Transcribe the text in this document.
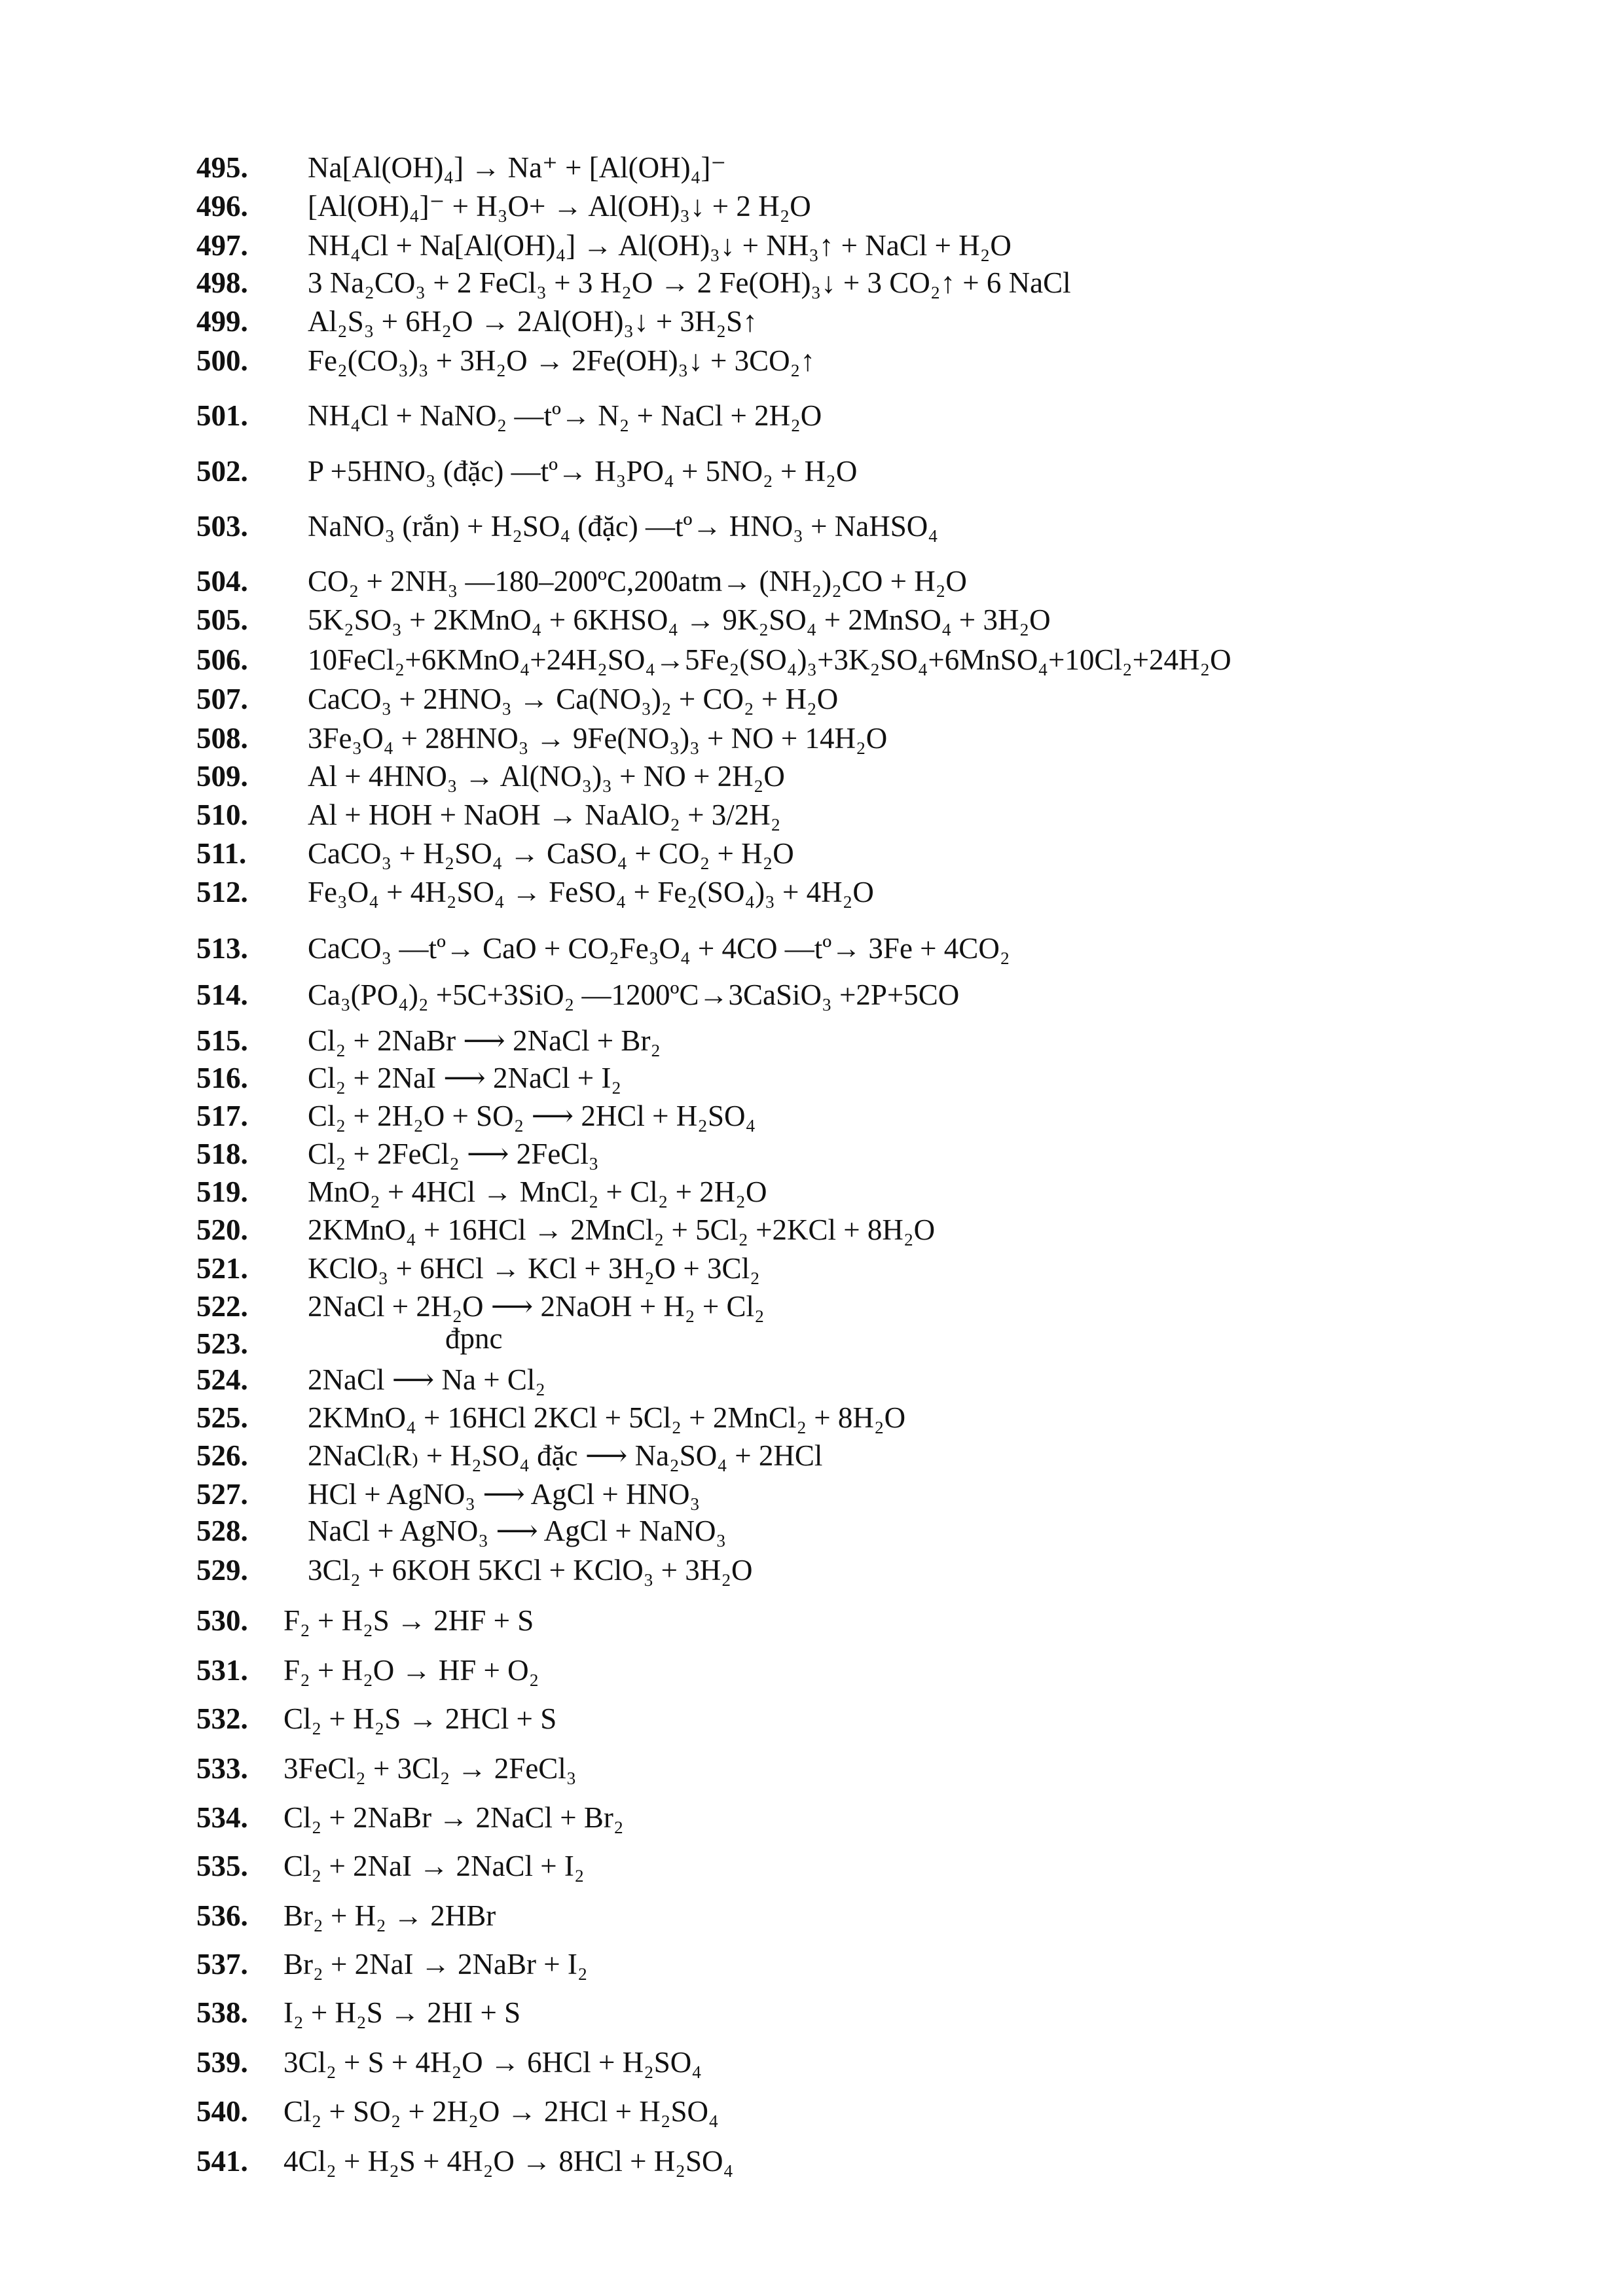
495. Na[Al(OH)₄] → Na⁺ + [Al(OH)₄]⁻
496. [Al(OH)₄]⁻ + H₃O+ → Al(OH)₃↓ + 2 H₂O
497. NH₄Cl + Na[Al(OH)₄] → Al(OH)₃↓ + NH₃↑ + NaCl + H₂O
498. 3 Na₂CO₃ + 2 FeCl₃ + 3 H₂O → 2 Fe(OH)₃↓ + 3 CO₂↑ + 6 NaCl
499. Al₂S₃ + 6H₂O → 2Al(OH)₃↓ + 3H₂S↑
500. Fe₂(CO₃)₃ + 3H₂O → 2Fe(OH)₃↓ + 3CO₂↑
501. NH₄Cl + NaNO₂ —tº→ N₂ + NaCl + 2H₂O
502. P +5HNO₃ (đặc) —tº→ H₃PO₄ + 5NO₂ + H₂O
503. NaNO₃ (rắn) + H₂SO₄ (đặc) —tº→ HNO₃ + NaHSO₄
504. CO₂ + 2NH₃ —180–200ºC,200atm→ (NH₂)₂CO + H₂O
505. 5K₂SO₃ + 2KMnO₄ + 6KHSO₄ → 9K₂SO₄ + 2MnSO₄ + 3H₂O
506. 10FeCl₂+6KMnO₄+24H₂SO₄→5Fe₂(SO₄)₃+3K₂SO₄+6MnSO₄+10Cl₂+24H₂O
507. CaCO₃ + 2HNO₃ → Ca(NO₃)₂ + CO₂ + H₂O
508. 3Fe₃O₄ + 28HNO₃ → 9Fe(NO₃)₃ + NO + 14H₂O
509. Al + 4HNO₃ → Al(NO₃)₃ + NO + 2H₂O
510. Al + HOH + NaOH → NaAlO₂ + 3/2H₂
511. CaCO₃ + H₂SO₄ → CaSO₄ + CO₂ + H₂O
512. Fe₃O₄ + 4H₂SO₄ → FeSO₄ + Fe₂(SO₄)₃ + 4H₂O
513. CaCO₃ —tº→ CaO + CO₂Fe₃O₄ + 4CO —tº→ 3Fe + 4CO₂
514. Ca₃(PO₄)₂ +5C+3SiO₂ —1200ºC→3CaSiO₃ +2P+5CO
515. Cl₂ + 2NaBr ⟶ 2NaCl + Br₂
516. Cl₂ + 2NaI ⟶ 2NaCl + I₂
517. Cl₂ + 2H₂O + SO₂ ⟶ 2HCl + H₂SO₄
518. Cl₂ + 2FeCl₂ ⟶ 2FeCl₃
519. MnO₂ + 4HCl → MnCl₂ + Cl₂ + 2H₂O
520. 2KMnO₄ + 16HCl → 2MnCl₂ + 5Cl₂ +2KCl + 8H₂O
521. KClO₃ + 6HCl → KCl + 3H₂O + 3Cl₂
522. 2NaCl + 2H₂O ⟶ 2NaOH + H₂ + Cl₂
523.	đpnc
524. 2NaCl ⟶ Na + Cl₂
525. 2KMnO₄ + 16HCl 2KCl + 5Cl₂ + 2MnCl₂ + 8H₂O
526. 2NaCl₍R₎ + H₂SO₄ đặc ⟶ Na₂SO₄ + 2HCl
527. HCl + AgNO₃ ⟶ AgCl + HNO₃
528. NaCl + AgNO₃ ⟶ AgCl + NaNO₃
529. 3Cl₂ + 6KOH 5KCl + KClO₃ + 3H₂O
530. F₂ + H₂S → 2HF + S
531. F₂ + H₂O → HF + O₂
532. Cl₂ + H₂S → 2HCl + S
533. 3FeCl₂ + 3Cl₂ → 2FeCl₃
534. Cl₂ + 2NaBr → 2NaCl + Br₂
535. Cl₂ + 2NaI → 2NaCl + I₂
536. Br₂ + H₂ → 2HBr
537. Br₂ + 2NaI → 2NaBr + I₂
538. I₂ + H₂S → 2HI + S
539. 3Cl₂ + S + 4H₂O → 6HCl + H₂SO₄
540. Cl₂ + SO₂ + 2H₂O → 2HCl + H₂SO₄
541. 4Cl₂ + H₂S + 4H₂O → 8HCl + H₂SO₄
